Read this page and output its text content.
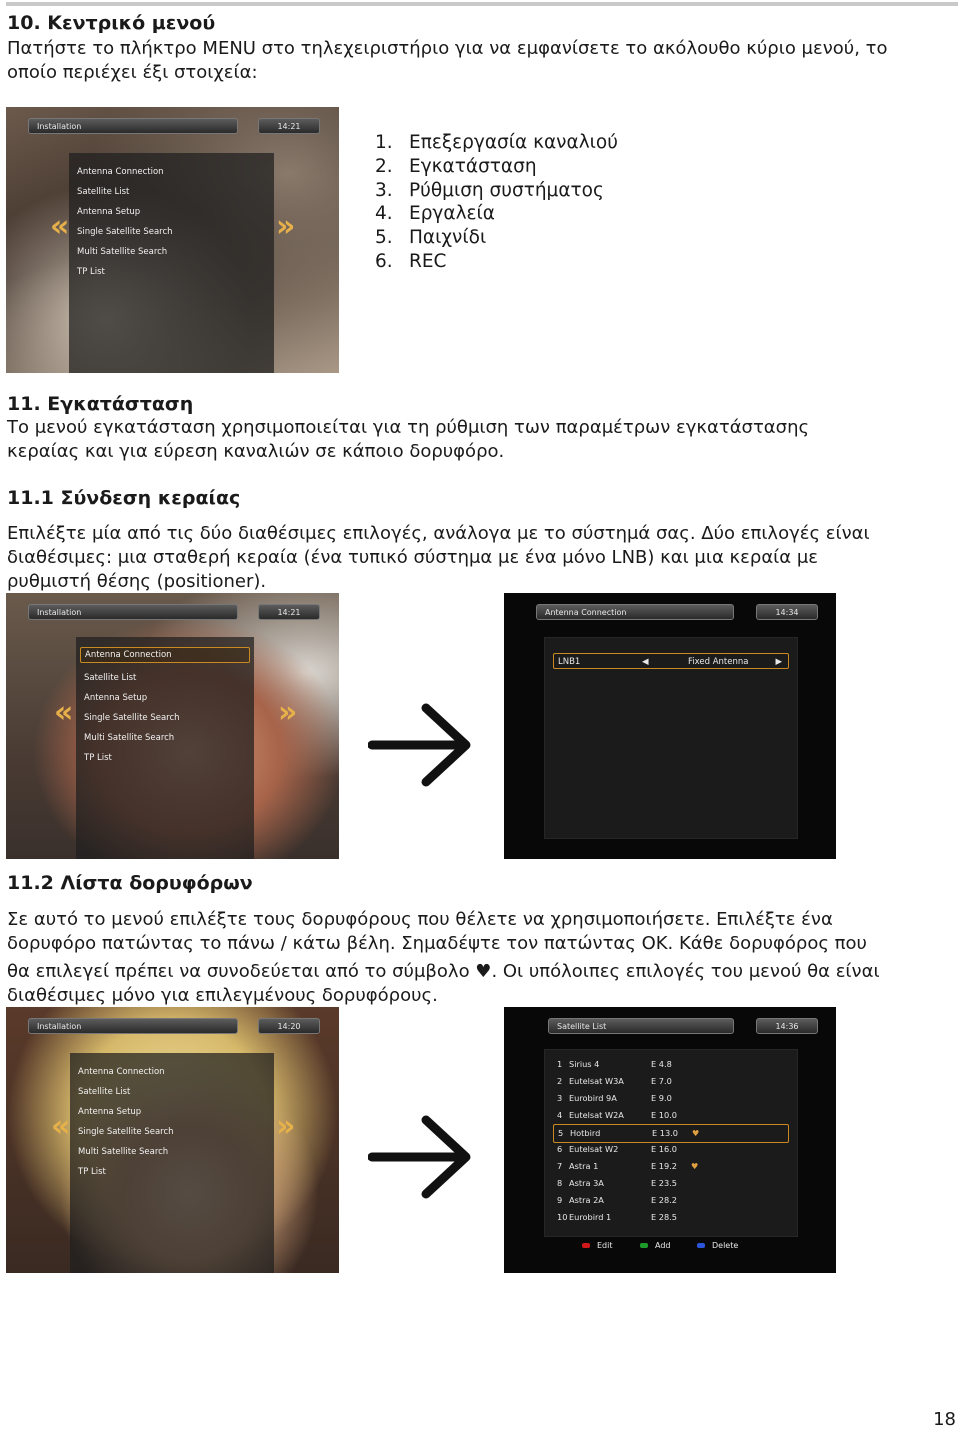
10. Κεντρικό μενού

Πατήστε το πλήκτρο MENU στο τηλεχειριστήριο για να εμφανίσετε το ακόλουθο κύριο μενού, το
οποίο περιέχει έξι στοιχεία:

Installation	14:21
Antenna Connection
Satellite List
Antenna Setup
Single Satellite Search
Multi Satellite Search
TP List
«	»
1. Επεξεργασία καναλιού
2. Εγκατάσταση
3. Ρύθμιση συστήματος
4. Εργαλεία
5. Παιχνίδι
6. REC
11. Εγκατάσταση

Το μενού εγκατάσταση χρησιμοποιείται για τη ρύθμιση των παραμέτρων εγκατάστασης
κεραίας και για εύρεση καναλιών σε κάποιο δορυφόρο.

11.1 Σύνδεση κεραίας

Επιλέξτε μία από τις δύο διαθέσιμες επιλογές, ανάλογα με το σύστημά σας. Δύο επιλογές είναι
διαθέσιμες: μια σταθερή κεραία (ένα τυπικό σύστημα με ένα μόνο LNB) και μια κεραία με
ρυθμιστή θέσης (positioner).

Installation	14:21
Antenna Connection
Satellite List
Antenna Setup
Single Satellite Search
Multi Satellite Search
TP List
«	»
Antenna Connection	14:34
LNB1	◀	Fixed Antenna	▶
11.2 Λίστα δορυφόρων

Σε αυτό το μενού επιλέξτε τους δορυφόρους που θέλετε να χρησιμοποιήσετε. Επιλέξτε ένα
δορυφόρο πατώντας το πάνω / κάτω βέλη. Σημαδέψτε τον πατώντας OK. Κάθε δορυφόρος που
θα επιλεγεί πρέπει να συνοδεύεται από το σύμβολο ♥. Οι υπόλοιπες επιλογές του μενού θα είναι
διαθέσιμες μόνο για επιλεγμένους δορυφόρους.

Installation	14:20
Antenna Connection
Satellite List
Antenna Setup
Single Satellite Search
Multi Satellite Search
TP List
«	»
Satellite List	14:36
1 Sirius 4	E 4.8
2 Eutelsat W3A	E 7.0
3 Eurobird 9A	E 9.0
4 Eutelsat W2A	E 10.0
5 Hotbird	E 13.0 ♥
6 Eutelsat W2	E 16.0
7 Astra 1	E 19.2 ♥
8 Astra 3A	E 23.5
9 Astra 2A	E 28.2
10 Eurobird 1	E 28.5
Edit	Add	Delete
18
